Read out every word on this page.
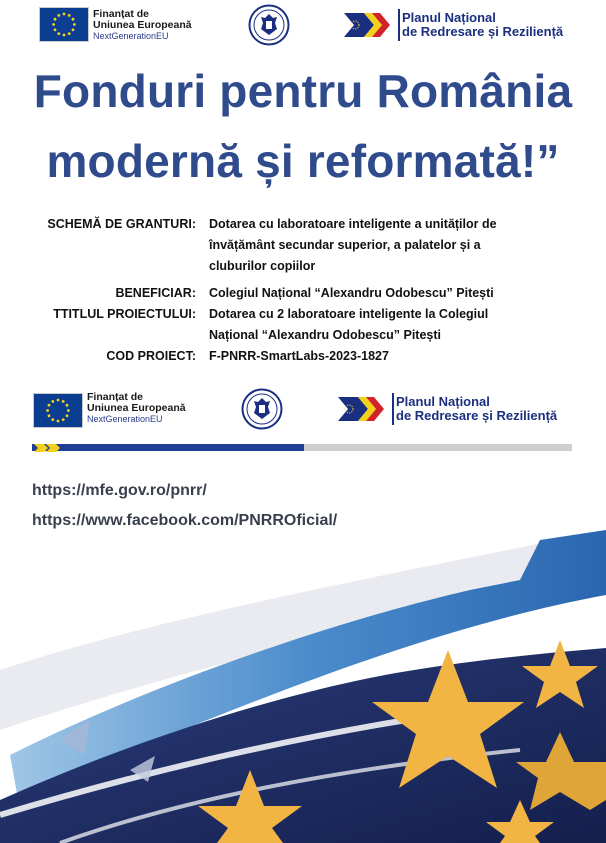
Finanțat de
Uniunea Europeană
NextGenerationEU
Planul Național
de Redresare și Reziliență
Fonduri pentru România
modernă și reformată!”
SCHEMĂ DE GRANTURI: Dotarea cu laboratoare inteligente a unităților de
învățământ secundar superior, a palatelor și a
cluburilor copiilor
BENEFICIAR: Colegiul Național “Alexandru Odobescu” Pitești
TTITLUL PROIECTULUI: Dotarea cu 2 laboratoare inteligente la Colegiul
Național “Alexandru Odobescu” Pitești
COD PROIECT: F-PNRR-SmartLabs-2023-1827
Finanțat de
Uniunea Europeană
NextGenerationEU
Planul Național
de Redresare și Reziliență
https://mfe.gov.ro/pnrr/
https://www.facebook.com/PNRROficial/
